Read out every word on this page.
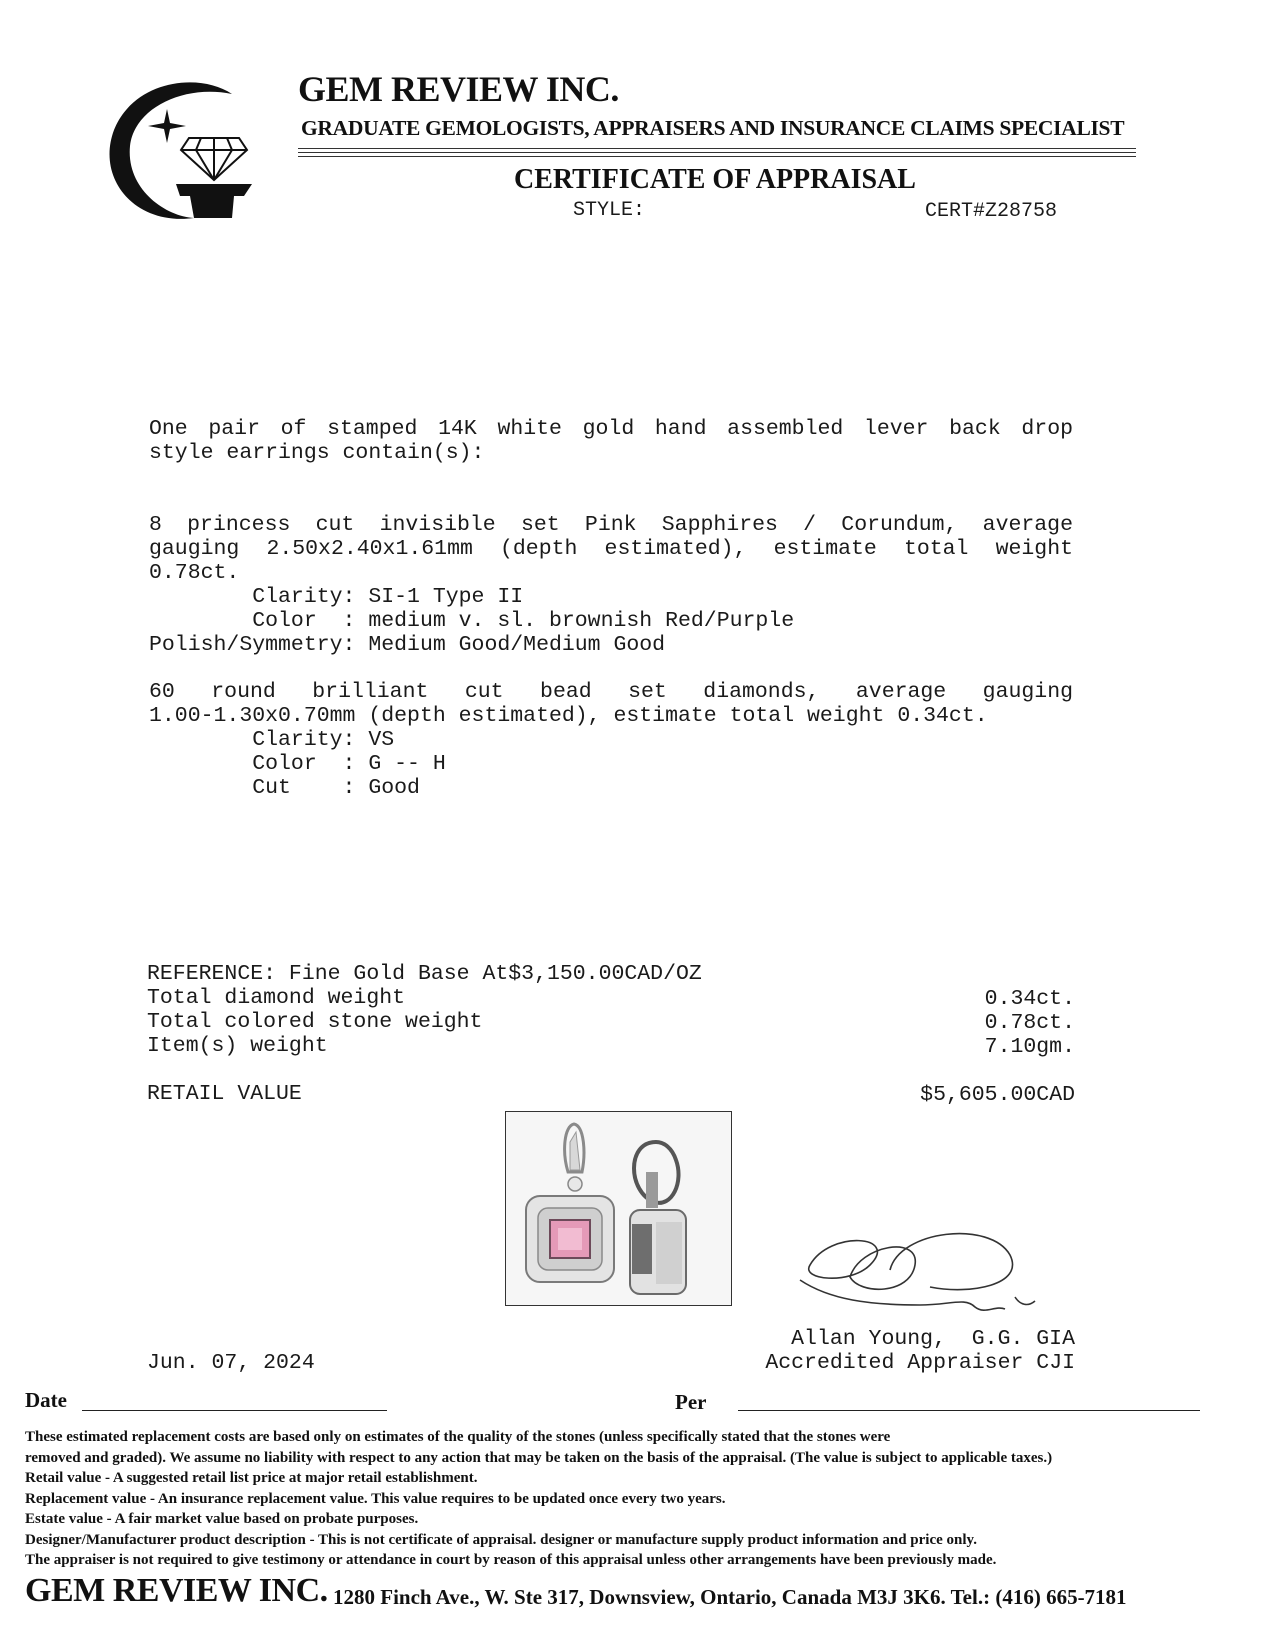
GEM REVIEW INC.
GRADUATE GEMOLOGISTS, APPRAISERS AND INSURANCE CLAIMS SPECIALIST
CERTIFICATE OF APPRAISAL
STYLE:	CERT#Z28758
One pair of stamped 14K white gold hand assembled lever back drop
style earrings contain(s):
8 princess cut invisible set Pink Sapphires / Corundum, average
gauging 2.50x2.40x1.61mm (depth estimated), estimate total weight
0.78ct.
Clarity: SI-1 Type II
Color  : medium v. sl. brownish Red/Purple
Polish/Symmetry: Medium Good/Medium Good
60 round brilliant cut bead set diamonds, average gauging
1.00-1.30x0.70mm (depth estimated), estimate total weight 0.34ct.
Clarity: VS
Color  : G -- H
Cut    : Good
REFERENCE: Fine Gold Base At$3,150.00CAD/OZ
Total diamond weight	0.34ct.
Total colored stone weight	0.78ct.
Item(s) weight	7.10gm.
RETAIL VALUE	$5,605.00CAD
Allan Young,  G.G. GIA
Accredited Appraiser CJI
Jun. 07, 2024
Date	Per
These estimated replacement costs are based only on estimates of the quality of the stones (unless specifically stated that the stones were
removed and graded). We assume no liability with respect to any action that may be taken on the basis of the appraisal. (The value is subject to applicable taxes.)
Retail value - A suggested retail list price at major retail establishment.
Replacement value - An insurance replacement value. This value requires to be updated once every two years.
Estate value - A fair market value based on probate purposes.
Designer/Manufacturer product description - This is not certificate of appraisal. designer or manufacture supply product information and price only.
The appraiser is not required to give testimony or attendance in court by reason of this appraisal unless other arrangements have been previously made.
GEM REVIEW INC. 1280 Finch Ave., W. Ste 317, Downsview, Ontario, Canada M3J 3K6. Tel.: (416) 665-7181
